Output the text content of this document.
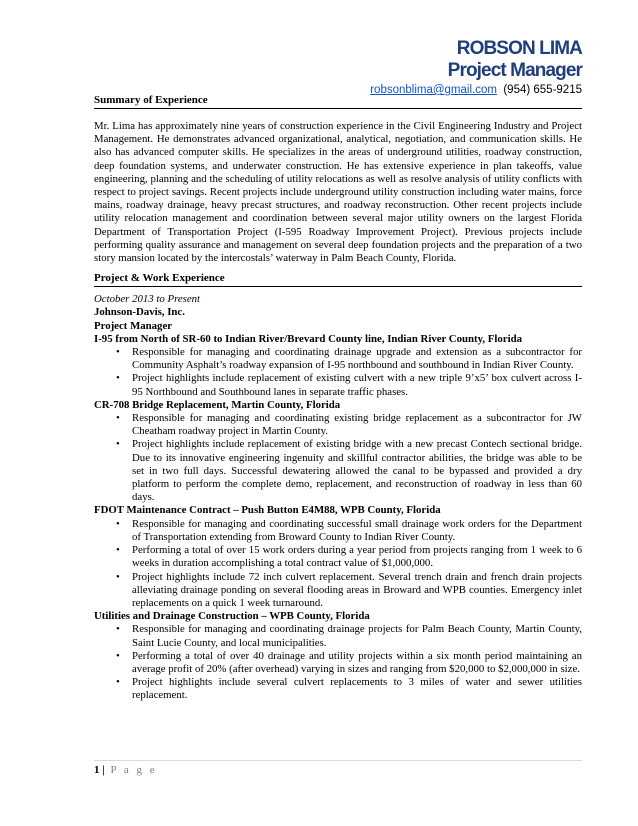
ROBSON LIMA
Project Manager
robsonblima@gmail.com (954) 655-9215
Summary of Experience

Mr. Lima has approximately nine years of construction experience in the Civil Engineering Industry and Project Management. He demonstrates advanced organizational, analytical, negotiation, and communication skills. He also has advanced computer skills. He specializes in the areas of underground utilities, roadway construction, deep foundation systems, and underwater construction. He has extensive experience in plan takeoffs, value engineering, planning and the scheduling of utility relocations as well as resolve analysis of utility conflicts with respect to project savings. Recent projects include underground utility construction including water mains, force mains, roadway drainage, heavy precast structures, and roadway reconstruction. Other recent projects include utility relocation management and coordination between several major utility owners on the largest Florida Department of Transportation Project (I-595 Roadway Improvement Project). Previous projects include performing quality assurance and management on several deep foundation projects and the preparation of a two story mansion located by the intercostals’ waterway in Palm Beach County, Florida.

Project & Work Experience
October 2013 to Present
Johnson-Davis, Inc.
Project Manager
I-95 from North of SR-60 to Indian River/Brevard County line, Indian River County, Florida
• Responsible for managing and coordinating drainage upgrade and extension as a subcontractor for Community Asphalt’s roadway expansion of I-95 northbound and southbound in Indian River County.
• Project highlights include replacement of existing culvert with a new triple 9’x5’ box culvert across I-95 Northbound and Southbound lanes in separate traffic phases.
CR-708 Bridge Replacement, Martin County, Florida
• Responsible for managing and coordinating existing bridge replacement as a subcontractor for JW Cheatham roadway project in Martin County.
• Project highlights include replacement of existing bridge with a new precast Contech sectional bridge. Due to its innovative engineering ingenuity and skillful contractor abilities, the bridge was able to be set in two full days. Successful dewatering allowed the canal to be bypassed and provided a dry platform to perform the complete demo, replacement, and reconstruction of roadway in less than 60 days.
FDOT Maintenance Contract – Push Button E4M88, WPB County, Florida
• Responsible for managing and coordinating successful small drainage work orders for the Department of Transportation extending from Broward County to Indian River County.
• Performing a total of over 15 work orders during a year period from projects ranging from 1 week to 6 weeks in duration accomplishing a total contract value of $1,000,000.
• Project highlights include 72 inch culvert replacement. Several trench drain and french drain projects alleviating drainage ponding on several flooding areas in Broward and WPB counties. Emergency inlet replacements on a quick 1 week turnaround.
Utilities and Drainage Construction – WPB County, Florida
• Responsible for managing and coordinating drainage projects for Palm Beach County, Martin County, Saint Lucie County, and local municipalities.
• Performing a total of over 40 drainage and utility projects within a six month period maintaining an average profit of 20% (after overhead) varying in sizes and ranging from $20,000 to $2,000,000 in size.
• Project highlights include several culvert replacements to 3 miles of water and sewer utilities replacement.
1 | P a g e
